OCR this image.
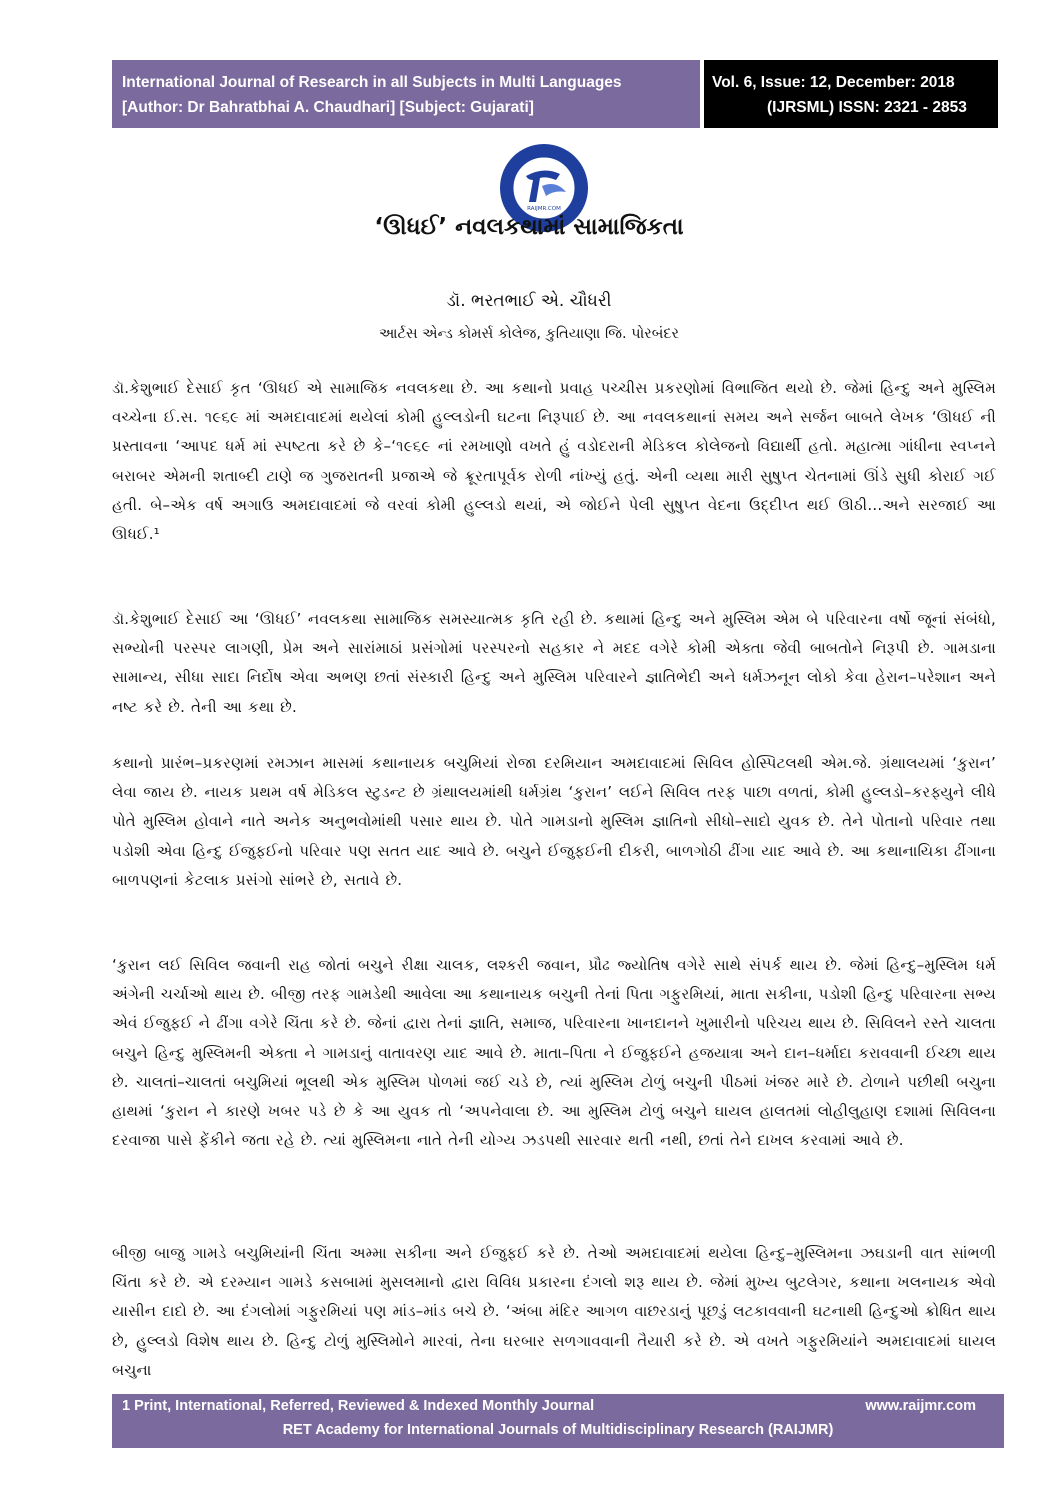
International Journal of Research in all Subjects in Multi Languages
[Author: Dr Bahratbhai A. Chaudhari] [Subject: Gujarati]
Vol. 6, Issue: 12, December: 2018
(IJRSML) ISSN: 2321 - 2853
RAIJMR.COM
‘ઊધઈ’ નવલકથામાં સામાજિકતા
ડૉ. ભરતભાઈ એ. ચૌધરી
આર્ટસ એન્ડ કોમર્સ કોલેજ, કુતિયાણા જિ. પોરબંદર
ડૉ.કેશુભાઈ દેસાઈ કૃત ‘ઊધઈ એ સામાજિક નવલકથા છે. આ કથાનો પ્રવાહ પચ્ચીસ પ્રકરણોમાં વિભાજિત થયો છે. જેમાં હિન્દુ અને મુસ્લિમ વચ્ચેના ઈ.સ. ૧૯૬૯ માં અમદાવાદમાં થયેલાં કોમી હુલ્લડોની ઘટના નિરૂપાઈ છે. આ નવલકથાનાં સમય અને સર્જન બાબતે લેખક ‘ઊધઈ ની પ્રસ્તાવના ‘આપદ ધર્મ માં સ્પષ્ટતા કરે છે કે–‘૧૯૬૯ નાં રમખાણો વખતે હું વડોદરાની મેડિકલ કોલેજનો વિદ્યાર્થી હતો. મહાત્મા ગાંધીના સ્વપ્નને બરાબર એમની શતાબ્દી ટાણે જ ગુજરાતની પ્રજાએ જે ક્રૂરતાપૂર્વક રોળી નાંખ્યું હતું. એની વ્યથા મારી સુષુપ્ત ચેતનામાં ઊંડે સુધી કોરાઈ ગઈ હતી. બે–એક વર્ષ અગાઉ અમદાવાદમાં જે વરવાં કોમી હુલ્લડો થયાં, એ જોઈને પેલી સુષુપ્ત વેદના ઉદ્દીપ્ત થઈ ઊઠી…અને સરજાઈ આ ઊધઈ.¹
ડૉ.કેશુભાઈ દેસાઈ આ ‘ઊધઈ’ નવલકથા સામાજિક સમસ્યાત્મક કૃતિ રહી છે. કથામાં હિન્દુ અને મુસ્લિમ એમ બે પરિવારના વર્ષો જૂનાં સંબંધો, સભ્યોની પરસ્પર લાગણી, પ્રેમ અને સારાંમાઠાં પ્રસંગોમાં પરસ્પરનો સહકાર ને મદદ વગેરે કોમી એક્તા જેવી બાબતોને નિરૂપી છે. ગામડાના સામાન્ય, સીધા સાદા નિર્દોષ એવા અભણ છતાં સંસ્કારી હિન્દુ અને મુસ્લિમ પરિવારને જ્ઞાતિભેદી અને ધર્મઝનૂન લોકો કેવા હેરાન–પરેશાન અને નષ્ટ કરે છે. તેની આ કથા છે.
કથાનો પ્રારંભ–પ્રકરણમાં રમઝાન માસમાં કથાનાયક બચુમિયાં રોજા દરમિયાન અમદાવાદમાં સિવિલ હોસ્પિટલથી એમ.જે. ગ્રંથાલયમાં ‘કુરાન’ લેવા જાય છે. નાયક પ્રથમ વર્ષ મેડિકલ સ્ટુડન્ટ છે ગ્રંથાલયમાંથી ધર્મગ્રંથ ‘કુરાન’ લઈને સિવિલ તરફ પાછા વળતાં, કોમી હુલ્લડો–કરફ્યુને લીધે પોતે મુસ્લિમ હોવાને નાતે અનેક અનુભવોમાંથી પસાર થાય છે. પોતે ગામડાનો મુસ્લિમ જ્ઞાતિનો સીધો–સાદો યુવક છે. તેને પોતાનો પરિવાર તથા પડોશી એવા હિન્દુ ઈજુફઈનો પરિવાર પણ સતત યાદ આવે છે. બચુને ઈજુફઈની દીકરી, બાળગોઠી ઢીંગા યાદ આવે છે. આ કથાનાયિકા ઢીંગાના બાળપણનાં કેટલાક પ્રસંગો સાંભરે છે, સતાવે છે.
‘કુરાન લઈ સિવિલ જવાની રાહ જોતાં બચુને રીક્ષા ચાલક, લશ્કરી જવાન, પ્રૌઢ જ્યોતિષ વગેરે સાથે સંપર્ક થાય છે. જેમાં હિન્દુ–મુસ્લિમ ધર્મ અંગેની ચર્ચાઓ થાય છે. બીજી તરફ ગામડેથી આવેલા આ કથાનાયક બચુની તેનાં પિતા ગફુરમિયાં, માતા સકીના, પડોશી હિન્દુ પરિવારના સભ્ય એવં ઈજુફઈ ને ઢીંગા વગેરે ચિંતા કરે છે. જેનાં દ્વારા તેનાં જ્ઞાતિ, સમાજ, પરિવારના ખાનદાનને ખુમારીનો પરિચય થાય છે. સિવિલને રસ્તે ચાલતા બચુને હિન્દુ મુસ્લિમની એક્તા ને ગામડાનું વાતાવરણ યાદ આવે છે. માતા–પિતા ને ઈજુફઈને હજયાત્રા અને દાન–ધર્માદા કરાવવાની ઈચ્છા થાય છે. ચાલતાં–ચાલતાં બચુમિયાં ભૂલથી એક મુસ્લિમ પોળમાં જઈ ચડે છે, ત્યાં મુસ્લિમ ટોળું બચુની પીઠમાં ખંજર મારે છે. ટોળાને પછીથી બચુના હાથમાં ‘કુરાન ને કારણે ખબર પડે છે કે આ યુવક તો ‘અપનેવાલા છે. આ મુસ્લિમ ટોળું બચુને ઘાયલ હાલતમાં લોહીલુહાણ દશામાં સિવિલના દરવાજા પાસે ફેંકીને જતા રહે છે. ત્યાં મુસ્લિમના નાતે તેની યોગ્ય ઝડપથી સારવાર થતી નથી, છતાં તેને દાખલ કરવામાં આવે છે.
બીજી બાજુ ગામડે બચુમિયાંની ચિંતા અમ્મા સકીના અને ઈજુફઈ કરે છે. તેઓ અમદાવાદમાં થયેલા હિન્દુ–મુસ્લિમના ઝઘડાની વાત સાંભળી ચિંતા કરે છે. એ દરમ્યાન ગામડે કસબામાં મુસલમાનો દ્વારા વિવિધ પ્રકારના દંગલો શરૂ થાય છે. જેમાં મુખ્ય બુટલેગર, કથાના ખલનાયક એવો યાસીન દાદો છે. આ દંગલોમાં ગફુરમિયાં પણ માંડ–માંડ બચે છે. ‘અંબા મંદિર આગળ વાછરડાનું પૂછડું લટકાવવાની ઘટનાથી હિન્દુઓ ક્રોધિત થાય છે, હુલ્લડો વિશેષ થાય છે. હિન્દુ ટોળું મુસ્લિમોને મારવાં, તેના ઘરબાર સળગાવવાની તૈયારી કરે છે. એ વખતે ગફુરમિયાંને અમદાવાદમાં ઘાયલ બચુના
1 Print, International, Referred, Reviewed & Indexed Monthly Journal	www.raijmr.com
RET Academy for International Journals of Multidisciplinary Research (RAIJMR)
